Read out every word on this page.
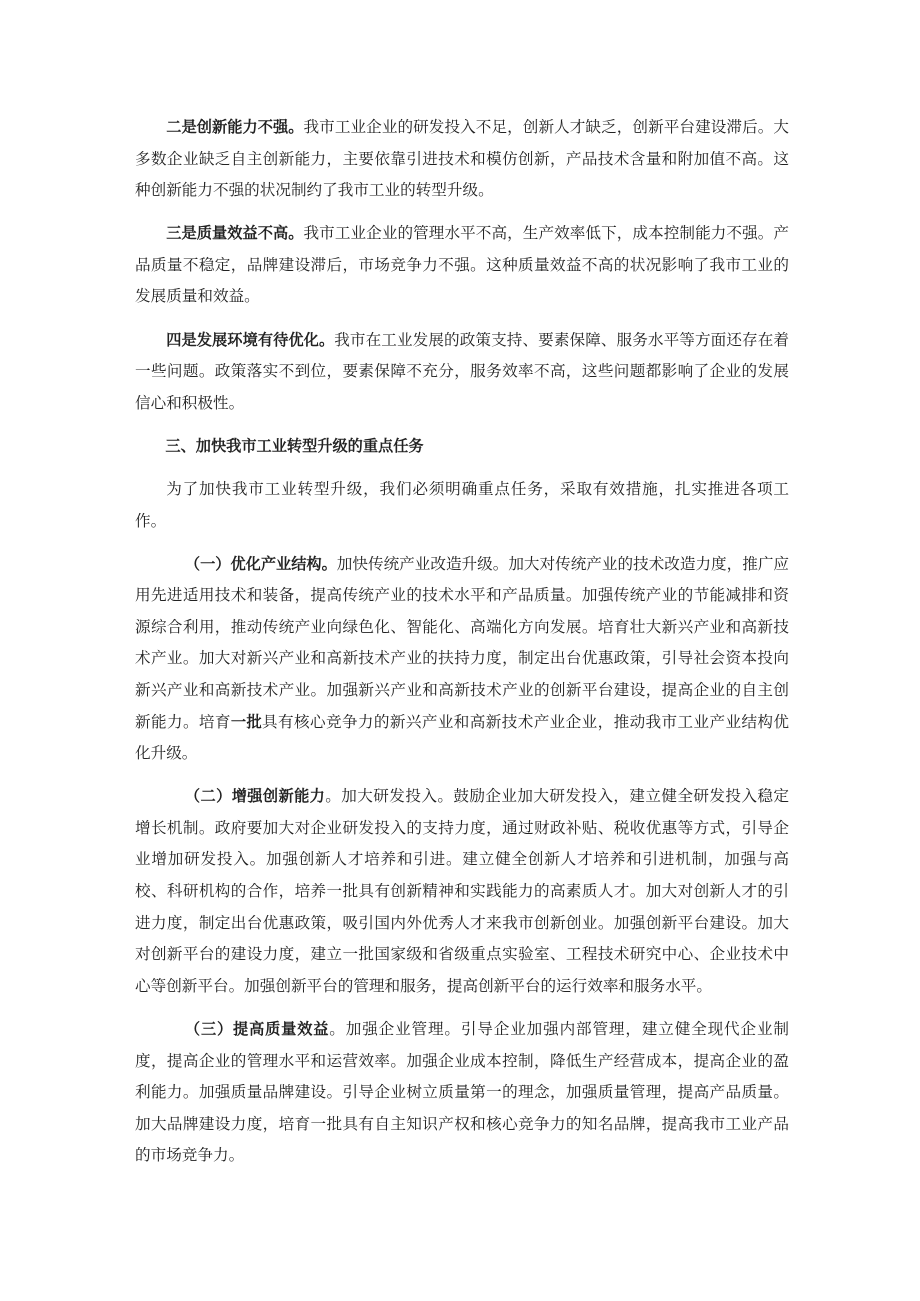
二是创新能力不强。我市工业企业的研发投入不足，创新人才缺乏，创新平台建设滞后。大多数企业缺乏自主创新能力，主要依靠引进技术和模仿创新，产品技术含量和附加值不高。这种创新能力不强的状况制约了我市工业的转型升级。

三是质量效益不高。我市工业企业的管理水平不高，生产效率低下，成本控制能力不强。产品质量不稳定，品牌建设滞后，市场竞争力不强。这种质量效益不高的状况影响了我市工业的发展质量和效益。

四是发展环境有待优化。我市在工业发展的政策支持、要素保障、服务水平等方面还存在着一些问题。政策落实不到位，要素保障不充分，服务效率不高，这些问题都影响了企业的发展信心和积极性。

三、加快我市工业转型升级的重点任务

为了加快我市工业转型升级，我们必须明确重点任务，采取有效措施，扎实推进各项工作。

（一）优化产业结构。加快传统产业改造升级。加大对传统产业的技术改造力度，推广应用先进适用技术和装备，提高传统产业的技术水平和产品质量。加强传统产业的节能减排和资源综合利用，推动传统产业向绿色化、智能化、高端化方向发展。培育壮大新兴产业和高新技术产业。加大对新兴产业和高新技术产业的扶持力度，制定出台优惠政策，引导社会资本投向新兴产业和高新技术产业。加强新兴产业和高新技术产业的创新平台建设，提高企业的自主创新能力。培育一批具有核心竞争力的新兴产业和高新技术产业企业，推动我市工业产业结构优化升级。

（二）增强创新能力。加大研发投入。鼓励企业加大研发投入，建立健全研发投入稳定增长机制。政府要加大对企业研发投入的支持力度，通过财政补贴、税收优惠等方式，引导企业增加研发投入。加强创新人才培养和引进。建立健全创新人才培养和引进机制，加强与高校、科研机构的合作，培养一批具有创新精神和实践能力的高素质人才。加大对创新人才的引进力度，制定出台优惠政策，吸引国内外优秀人才来我市创新创业。加强创新平台建设。加大对创新平台的建设力度，建立一批国家级和省级重点实验室、工程技术研究中心、企业技术中心等创新平台。加强创新平台的管理和服务，提高创新平台的运行效率和服务水平。

（三）提高质量效益。加强企业管理。引导企业加强内部管理，建立健全现代企业制度，提高企业的管理水平和运营效率。加强企业成本控制，降低生产经营成本，提高企业的盈利能力。加强质量品牌建设。引导企业树立质量第一的理念，加强质量管理，提高产品质量。加大品牌建设力度，培育一批具有自主知识产权和核心竞争力的知名品牌，提高我市工业产品的市场竞争力。
